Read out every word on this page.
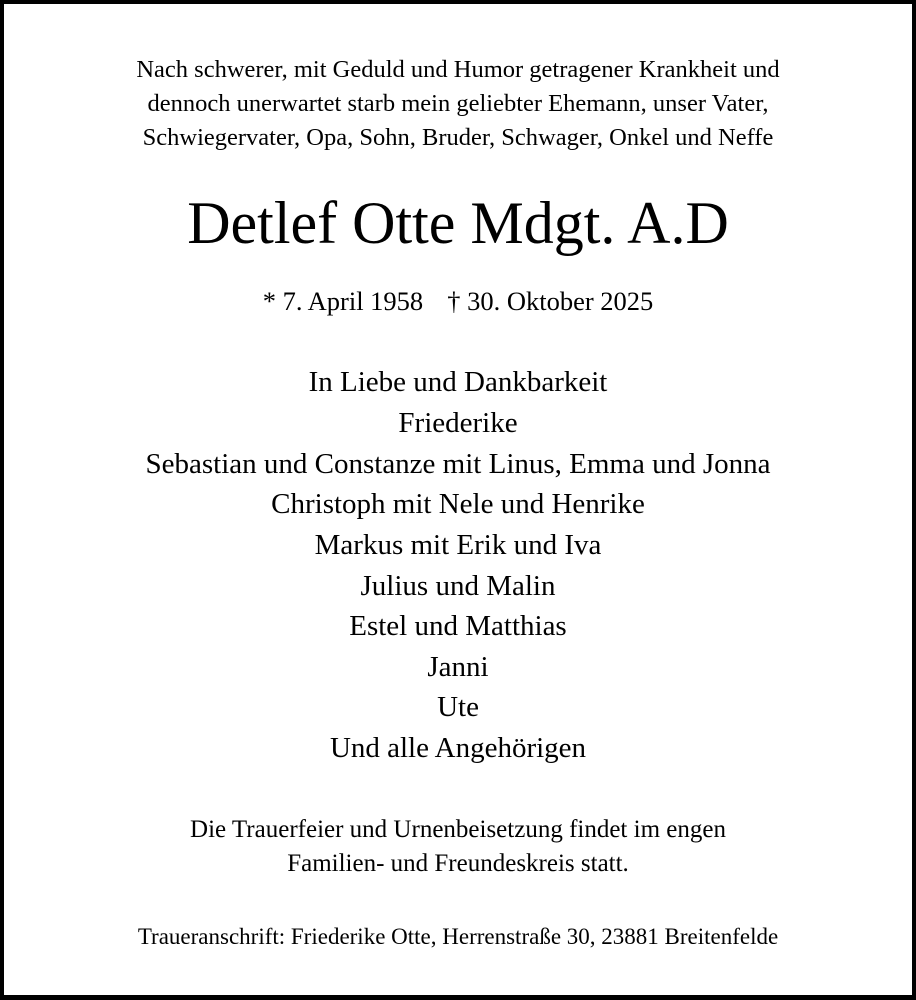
Nach schwerer, mit Geduld und Humor getragener Krankheit und
dennoch unerwartet starb mein geliebter Ehemann, unser Vater,
Schwiegervater, Opa, Sohn, Bruder, Schwager, Onkel und Neffe
Detlef Otte Mdgt. A.D
* 7. April 1958 † 30. Oktober 2025
In Liebe und Dankbarkeit
Friederike
Sebastian und Constanze mit Linus, Emma und Jonna
Christoph mit Nele und Henrike
Markus mit Erik und Iva
Julius und Malin
Estel und Matthias
Janni
Ute
Und alle Angehörigen
Die Trauerfeier und Urnenbeisetzung findet im engen
Familien- und Freundeskreis statt.
Traueranschrift: Friederike Otte, Herrenstraße 30, 23881 Breitenfelde
